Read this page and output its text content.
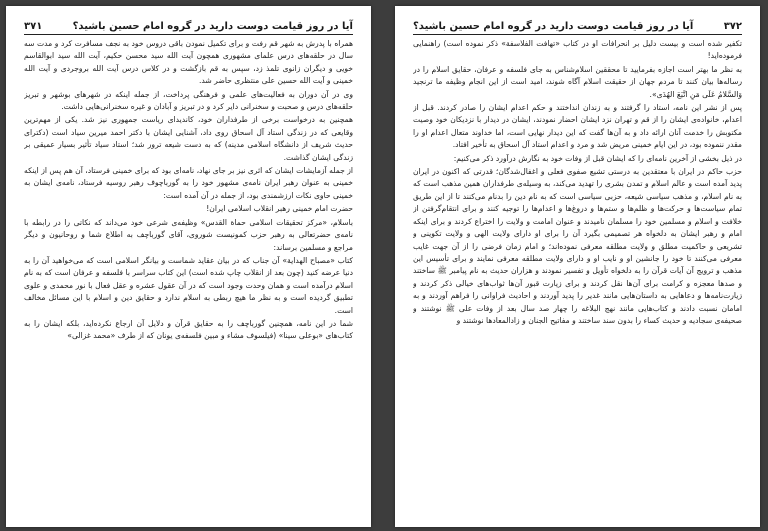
۳۷۲
آیا در روز قیامت دوست دارید در گروه امام حسین باشید؟

تکفیر شده است و بیست دلیل بر انحرافات او در کتاب «تهافت الفلاسفة» ذکر نموده است) راهنمایی فرموده‌اید!

به نظر ما بهتر است اجازه بفرمایید تا محققین اسلام‌شناس به جای فلسفه و عرفان، حقایق اسلام را در رساله‌ها بیان کنند تا مردم جهان از حقیقت اسلام آگاه شوند، امید است از این انجام وظیفه ما ترنجید وَالسَّلامُ عَلَى مَنِ اتَّبَعَ الهُدَى».

پس از نشر این نامه، استاد را گرفتند و به زندان انداختند و حکم اعدام ایشان را صادر کردند. قبل از اعدام، خانواده‌ی ایشان را از قم و تهران نزد ایشان احضار نمودند، ایشان در دیدار با نزدیکان خود وصیت مکتوبش را خدمت آنان ارائه داد و به آن‌ها گفت که این دیدار نهایی است، اما خداوند متعال اعدام او را مقدر ننموده بود، در این ایام خمینی مریض شد و مرد و اعدام استاد آل اسحاق به تأخیر افتاد.

در ذیل بخشی از آخرین نامه‌ای را که ایشان قبل از وفات خود به نگارش درآورد ذکر می‌کنیم:

حزب حاکم در ایران با معتقدین به درستی تشیع صفوی فعلی و اغفال‌شدگان؛ قدرتی که اکنون در ایران پدید آمده است و عالم اسلام و تمدن بشری را تهدید می‌کند، به وسیله‌ی طرفداران همین مذهب است که به نام اسلام، و مذهب سیاسی شیعه، حزبی سیاسی است که به نام دین را بدنام می‌کنند تا از این طریق تمام سیاست‌ها و حرکت‌ها و ظلم‌ها و ستم‌ها و دروغ‌ها و اعدام‌ها را توجیه کنند و برای انتقام‌گرفتن از خلافت و اسلام و مسلمین خود را مسلمان نامیدند و عنوان امامت و ولایت را اختراع کردند و برای اینکه امام و رهبر ایشان به دلخواه هر تصمیمی بگیرد آن را برای او دارای ولایت الهی و ولایت تکوینی و تشریعی و حاکمیت مطلق و ولایت مطلقه معرفی نموده‌اند؛ و امام زمان فرضی را از آن جهت غایب معرفی می‌کنند تا خود را جانشین او و نایب او و دارای ولایت مطلقه معرفی نمایند و برای تأسیس این مذهب و ترویج آن آیات قرآن را به دلخواه تأویل و تفسیر نمودند و هزاران حدیث به نام پیامبر ﷺ ساختند و صدها معجزه و کرامت برای آن‌ها نقل کردند و برای زیارت قبور آن‌ها ثواب‌های خیالی ذکر کردند و زیارت‌نامه‌ها و دعاهایی به داستان‌هایی مانند غدیر را پدید آوردند و احادیث فراوانی را فراهم آوردند و به امامان نسبت دادند و کتاب‌هایی مانند نهج البلاغه را چهار صد سال بعد از وفات علی ﷺ نوشتند و صحیفه‌ی سجادیه و حدیث کساء را بدون سند ساختند و مفاتیح الجنان و زادالمعادها نوشتند و

آیا در روز قیامت دوست دارید در گروه امام حسین باشید؟
۳۷۱

همراه با پدرش به شهر قم رفت و برای تکمیل نمودن باقی دروس خود به نجف مسافرت کرد و مدت سه سال در حلقه‌های درس علمای مشهوری همچون آیت الله سید محسن حکیم، آیت الله سید ابوالقاسم خویی و دیگران زانوی تلمذ زد، سپس به قم بازگشت و در کلاس درس آیت الله بروجردی و آیت الله خمینی و آیت الله حسین علی منتظری حاضر شد.

وی در آن دوران به فعالیت‌های علمی و فرهنگی پرداخت، از جمله اینکه در شهرهای بوشهر و تبریز حلقه‌های درس و صحبت و سخنرانی دایر کرد و در تبریز و آبادان و غیره سخنرانی‌هایی داشت.

همچنین به درخواست برخی از طرفداران خود، کاندیدای ریاست جمهوری نیز شد. یکی از مهم‌ترین وقایعی که در زندگی استاد آل اسحاق روی داد، آشنایی ایشان با دکتر احمد میرین سیاد است (دکترای حدیث شریف از دانشگاه اسلامی مدینه) که به دست شیعه ترور شد؛ استاد سیاد تأثیر بسیار عمیقی بر زندگی ایشان گذاشت.

از جمله آزمایشات ایشان که اثری نیز بر جای نهاد، نامه‌ای بود که برای خمینی فرستاد، آن هم پس از اینکه خمینی به عنوان رهبر ایران نامه‌ی مشهور خود را به گورباچوف رهبر روسیه فرستاد، نامه‌ی ایشان به خمینی حاوی نکات ارزشمندی بود، از جمله در آن آمده است:

حضرت امام خمینی رهبر انقلاب اسلامی ایران!

باسلام، «مرکز تحقیقات اسلامی حماة القدس» وظیفه‌ی شرعی خود می‌داند که نکاتی را در رابطه با نامه‌ی حضرتعالی به رهبر حزب کمونیست شوروی، آقای گورباچف به اطلاع شما و روحانیون و دیگر مراجع و مسلمین برساند:

کتاب «مصباح الهدایة» آن جناب که در بیان عقاید شماست و بیانگر اسلامی است که می‌خواهید آن را به دنیا عرضه کنید (چون بعد از انقلاب چاپ شده است) این کتاب سراسر با فلسفه و عرفان است که به نام اسلام درآمده است و همان وحدت وجود است که در آن عقول عشره و عقل فعال با نور محمدی و علوی تطبیق گردیده است و به نظر ما هیچ ربطی به اسلام ندارد و حقایق دین و اسلام با این مسائل مخالف است.

شما در این نامه، همچنین گورباچف را به حقایق قرآن و دلایل آن ارجاع نکرده‌اید، بلکه ایشان را به کتاب‌های «بوعلی سینا» (فیلسوف مشاء و مبین فلسفه‌ی یونان که از طرف «محمد غزالی»
